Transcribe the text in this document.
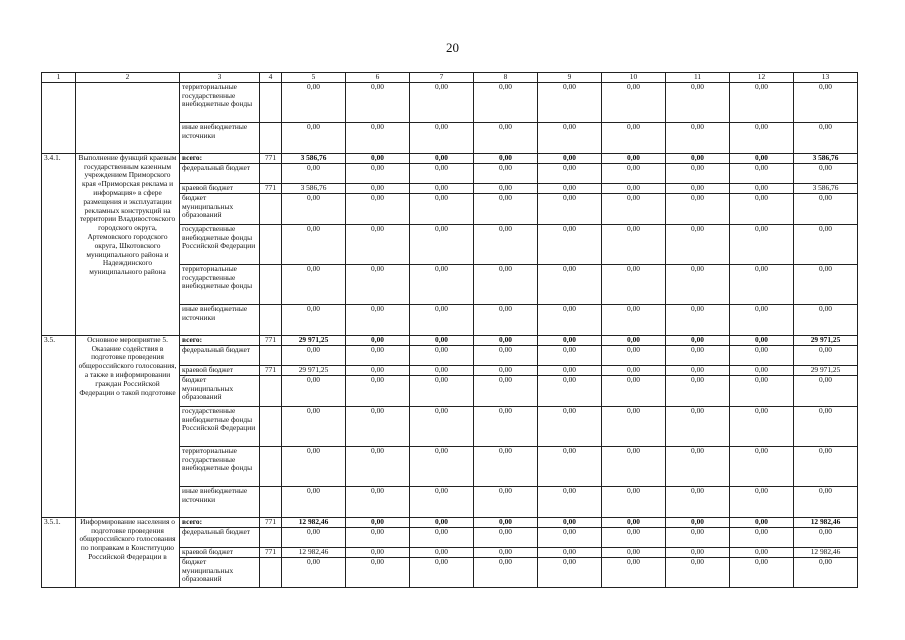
20
1	2	3	4	5	6	7	8	9	10	11	12	13
		территориальные государственные внебюджетные фонды		0,00	0,00	0,00	0,00	0,00	0,00	0,00	0,00	0,00
		иные внебюджетные источники		0,00	0,00	0,00	0,00	0,00	0,00	0,00	0,00	0,00
3.4.1.	Выполнение функций краевым государственным казенным учреждением Приморского края «Приморская реклама и информация» в сфере размещения и эксплуатации рекламных конструкций на территории Владивостокского городского округа, Артемовского городского округа, Шкотовского муниципального района и Надеждинского муниципального района	всего:	771	3 586,76	0,00	0,00	0,00	0,00	0,00	0,00	0,00	3 586,76
		федеральный бюджет		0,00	0,00	0,00	0,00	0,00	0,00	0,00	0,00	0,00
		краевой бюджет	771	3 586,76	0,00	0,00	0,00	0,00	0,00	0,00	0,00	3 586,76
		бюджет муниципальных образований		0,00	0,00	0,00	0,00	0,00	0,00	0,00	0,00	0,00
		государственные внебюджетные фонды Российской Федерации		0,00	0,00	0,00	0,00	0,00	0,00	0,00	0,00	0,00
		территориальные государственные внебюджетные фонды		0,00	0,00	0,00	0,00	0,00	0,00	0,00	0,00	0,00
		иные внебюджетные источники		0,00	0,00	0,00	0,00	0,00	0,00	0,00	0,00	0,00
3.5.	Основное мероприятие 5. Оказание содействия в подготовке проведения общероссийского голосования, а также в информировании граждан Российской Федерации о такой подготовке	всего:	771	29 971,25	0,00	0,00	0,00	0,00	0,00	0,00	0,00	29 971,25
		федеральный бюджет		0,00	0,00	0,00	0,00	0,00	0,00	0,00	0,00	0,00
		краевой бюджет	771	29 971,25	0,00	0,00	0,00	0,00	0,00	0,00	0,00	29 971,25
		бюджет муниципальных образований		0,00	0,00	0,00	0,00	0,00	0,00	0,00	0,00	0,00
		государственные внебюджетные фонды Российской Федерации		0,00	0,00	0,00	0,00	0,00	0,00	0,00	0,00	0,00
		территориальные государственные внебюджетные фонды		0,00	0,00	0,00	0,00	0,00	0,00	0,00	0,00	0,00
		иные внебюджетные источники		0,00	0,00	0,00	0,00	0,00	0,00	0,00	0,00	0,00
3.5.1.	Информирование населения о подготовке проведения общероссийского голосования по поправкам в Конституцию Российской Федерации в	всего:	771	12 982,46	0,00	0,00	0,00	0,00	0,00	0,00	0,00	12 982,46
		федеральный бюджет		0,00	0,00	0,00	0,00	0,00	0,00	0,00	0,00	0,00
		краевой бюджет	771	12 982,46	0,00	0,00	0,00	0,00	0,00	0,00	0,00	12 982,46
		бюджет муниципальных образований		0,00	0,00	0,00	0,00	0,00	0,00	0,00	0,00	0,00
